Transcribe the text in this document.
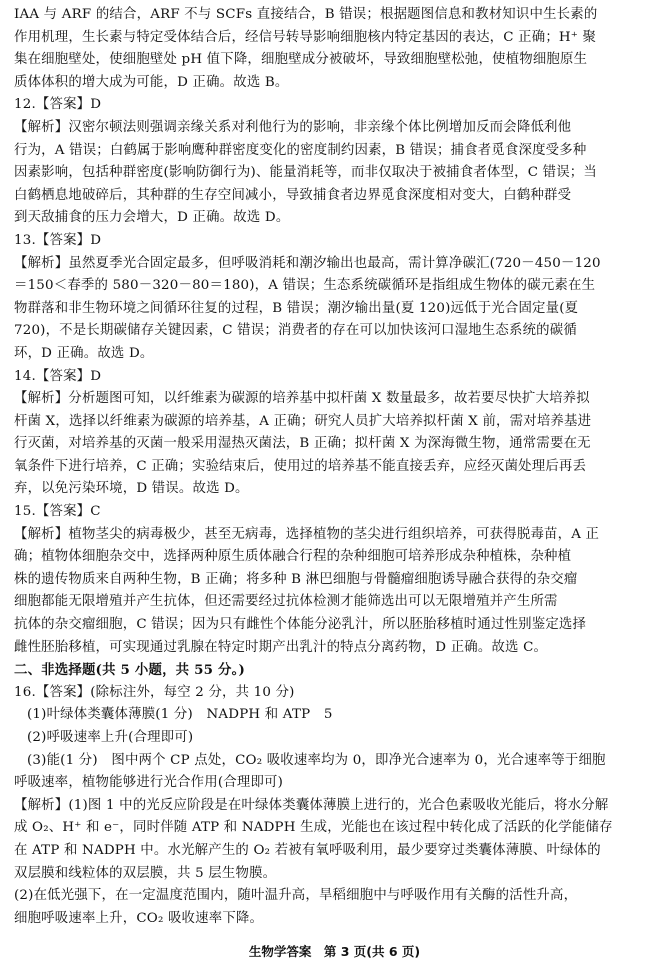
IAA 与 ARF 的结合，ARF 不与 SCFs 直接结合，B 错误；根据题图信息和教材知识中生长素的
作用机理，生长素与特定受体结合后，经信号转导影响细胞核内特定基因的表达，C 正确；H⁺ 聚
集在细胞壁处，使细胞壁处 pH 值下降，细胞壁成分被破坏，导致细胞壁松弛，使植物细胞原生
质体体积的增大成为可能，D 正确。故选 B。
12.【答案】D
【解析】汉密尔顿法则强调亲缘关系对利他行为的影响，非亲缘个体比例增加反而会降低利他
行为，A 错误；白鹤属于影响鹰种群密度变化的密度制约因素，B 错误；捕食者觅食深度受多种
因素影响，包括种群密度(影响防御行为)、能量消耗等，而非仅取决于被捕食者体型，C 错误；当
白鹤栖息地破碎后，其种群的生存空间减小，导致捕食者边界觅食深度相对变大，白鹤种群受
到天敌捕食的压力会增大，D 正确。故选 D。
13.【答案】D
【解析】虽然夏季光合固定最多，但呼吸消耗和潮汐输出也最高，需计算净碳汇(720－450－120
＝150＜春季的 580－320－80＝180)，A 错误；生态系统碳循环是指组成生物体的碳元素在生
物群落和非生物环境之间循环往复的过程，B 错误；潮汐输出量(夏 120)远低于光合固定量(夏
720)，不是长期碳储存关键因素，C 错误；消费者的存在可以加快该河口湿地生态系统的碳循
环，D 正确。故选 D。
14.【答案】D
【解析】分析题图可知，以纤维素为碳源的培养基中拟杆菌 X 数量最多，故若要尽快扩大培养拟
杆菌 X，选择以纤维素为碳源的培养基，A 正确；研究人员扩大培养拟杆菌 X 前，需对培养基进
行灭菌，对培养基的灭菌一般采用湿热灭菌法，B 正确；拟杆菌 X 为深海微生物，通常需要在无
氧条件下进行培养，C 正确；实验结束后，使用过的培养基不能直接丢弃，应经灭菌处理后再丢
弃，以免污染环境，D 错误。故选 D。
15.【答案】C
【解析】植物茎尖的病毒极少，甚至无病毒，选择植物的茎尖进行组织培养，可获得脱毒苗，A 正
确；植物体细胞杂交中，选择两种原生质体融合行程的杂种细胞可培养形成杂种植株，杂种植
株的遗传物质来自两种生物，B 正确；将多种 B 淋巴细胞与骨髓瘤细胞诱导融合获得的杂交瘤
细胞都能无限增殖并产生抗体，但还需要经过抗体检测才能筛选出可以无限增殖并产生所需
抗体的杂交瘤细胞，C 错误；因为只有雌性个体能分泌乳汁，所以胚胎移植时通过性别鉴定选择
雌性胚胎移植，可实现通过乳腺在特定时期产出乳汁的特点分离药物，D 正确。故选 C。
二、非选择题(共 5 小题，共 55 分。)
16.【答案】(除标注外，每空 2 分，共 10 分)
(1)叶绿体类囊体薄膜(1 分)　NADPH 和 ATP　5
(2)呼吸速率上升(合理即可)
(3)能(1 分)　图中两个 CP 点处，CO₂ 吸收速率均为 0，即净光合速率为 0，光合速率等于细胞
呼吸速率，植物能够进行光合作用(合理即可)
【解析】(1)图 1 中的光反应阶段是在叶绿体类囊体薄膜上进行的，光合色素吸收光能后，将水分解
成 O₂、H⁺ 和 e⁻，同时伴随 ATP 和 NADPH 生成，光能也在该过程中转化成了活跃的化学能储存
在 ATP 和 NADPH 中。水光解产生的 O₂ 若被有氧呼吸利用，最少要穿过类囊体薄膜、叶绿体的
双层膜和线粒体的双层膜，共 5 层生物膜。
(2)在低光强下，在一定温度范围内，随叶温升高，旱稻细胞中与呼吸作用有关酶的活性升高，
细胞呼吸速率上升，CO₂ 吸收速率下降。
生物学答案　第 3 页(共 6 页)
